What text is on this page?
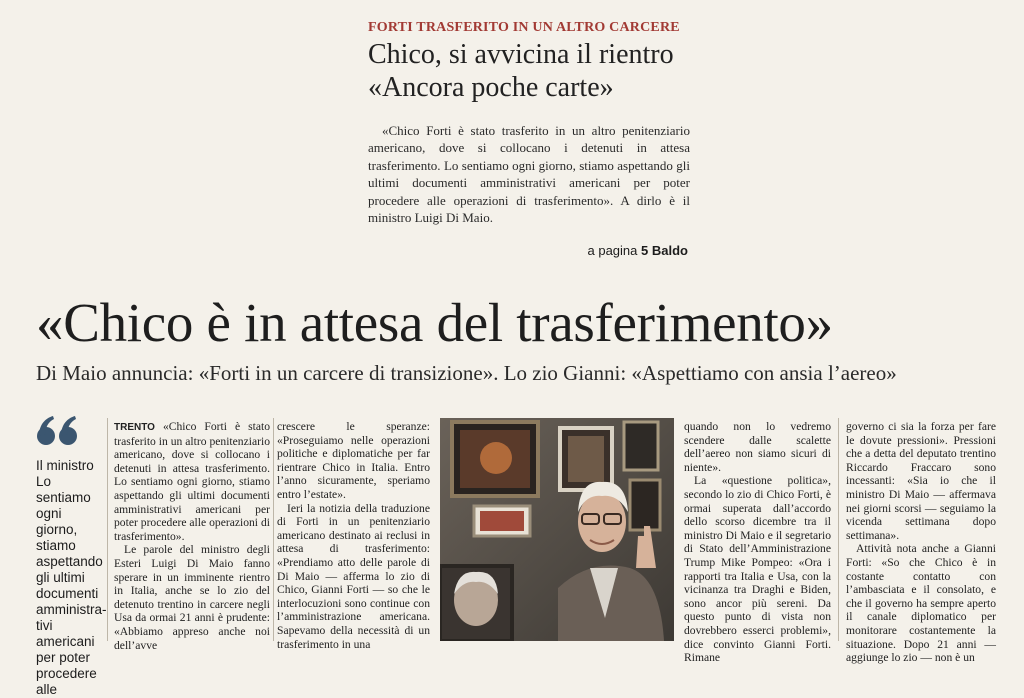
FORTI TRASFERITO IN UN ALTRO CARCERE
Chico, si avvicina il rientro
«Ancora poche carte»
«Chico Forti è stato trasferito in un altro penitenziario americano, dove si collocano i detenuti in attesa trasferimento. Lo sentiamo ogni giorno, stiamo aspettando gli ultimi documenti amministrativi americani per poter procedere alle operazioni di trasferimento». A dirlo è il ministro Luigi Di Maio.
a pagina 5 Baldo
«Chico è in attesa del trasferimento»
Di Maio annuncia: «Forti in un carcere di transizione». Lo zio Gianni: «Aspettiamo con ansia l’aereo»
Il ministro Lo sentiamo ogni giorno, stiamo aspettando gli ultimi documenti amministra-tivi americani per poter procedere alle

TRENTO «Chico Forti è stato trasferito in un altro penitenziario americano, dove si collocano i detenuti in attesa trasferimento. Lo sentiamo ogni giorno, stiamo aspettando gli ultimi documenti amministrativi americani per poter procedere alle operazioni di trasferimento».

Le parole del ministro degli Esteri Luigi Di Maio fanno sperare in un imminente rientro in Italia, anche se lo zio del detenuto trentino in carcere negli Usa da ormai 21 anni è prudente: «Abbiamo appreso anche noi dell’avve

crescere le speranze: «Proseguiamo nelle operazioni politiche e diplomatiche per far rientrare Chico in Italia. Entro l’anno sicuramente, speriamo entro l’estate».

Ieri la notizia della traduzione di Forti in un penitenziario americano destinato ai reclusi in attesa di trasferimento: «Prendiamo atto delle parole di Di Maio — afferma lo zio di Chico, Gianni Forti — so che le interlocuzioni sono continue con l’amministrazione americana. Sapevamo della necessità di un trasferimento in una

quando non lo vedremo scendere dalle scalette dell’aereo non siamo sicuri di niente».

La «questione politica», secondo lo zio di Chico Forti, è ormai superata dall’accordo dello scorso dicembre tra il ministro Di Maio e il segretario di Stato dell’Amministrazione Trump Mike Pompeo: «Ora i rapporti tra Italia e Usa, con la vicinanza tra Draghi e Biden, sono ancor più sereni. Da questo punto di vista non dovrebbero esserci problemi», dice convinto Gianni Forti. Rimane

governo ci sia la forza per fare le dovute pressioni». Pressioni che a detta del deputato trentino Riccardo Fraccaro sono incessanti: «Sia io che il ministro Di Maio — affermava nei giorni scorsi — seguiamo la vicenda settimana dopo settimana».

Attività nota anche a Gianni Forti: «So che Chico è in costante contatto con l’ambasciata e il consolato, e che il governo ha sempre aperto il canale diplomatico per monitorare costantemente la situazione. Dopo 21 anni — aggiunge lo zio — non è un
